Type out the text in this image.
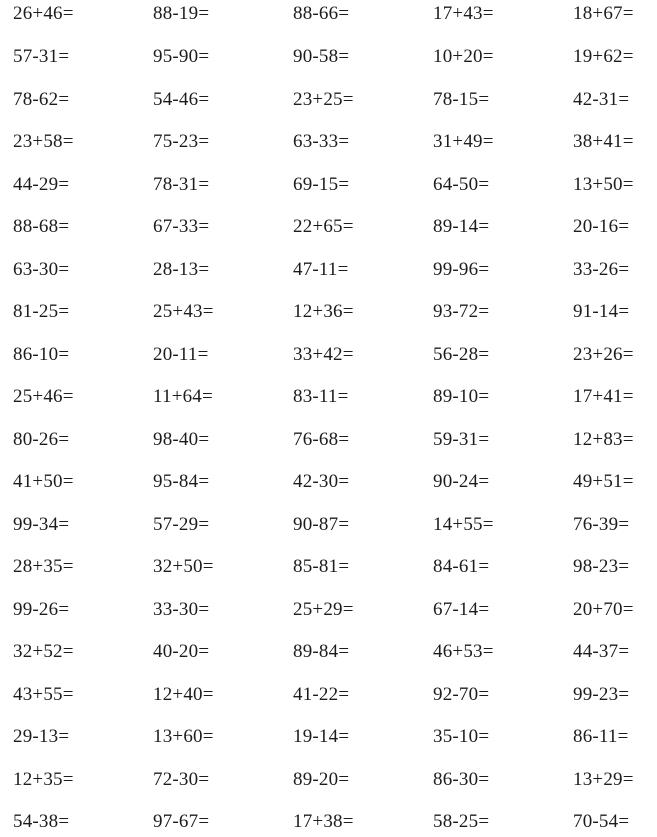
26+46=	88-19=	88-66=	17+43=	18+67=
57-31=	95-90=	90-58=	10+20=	19+62=
78-62=	54-46=	23+25=	78-15=	42-31=
23+58=	75-23=	63-33=	31+49=	38+41=
44-29=	78-31=	69-15=	64-50=	13+50=
88-68=	67-33=	22+65=	89-14=	20-16=
63-30=	28-13=	47-11=	99-96=	33-26=
81-25=	25+43=	12+36=	93-72=	91-14=
86-10=	20-11=	33+42=	56-28=	23+26=
25+46=	11+64=	83-11=	89-10=	17+41=
80-26=	98-40=	76-68=	59-31=	12+83=
41+50=	95-84=	42-30=	90-24=	49+51=
99-34=	57-29=	90-87=	14+55=	76-39=
28+35=	32+50=	85-81=	84-61=	98-23=
99-26=	33-30=	25+29=	67-14=	20+70=
32+52=	40-20=	89-84=	46+53=	44-37=
43+55=	12+40=	41-22=	92-70=	99-23=
29-13=	13+60=	19-14=	35-10=	86-11=
12+35=	72-30=	89-20=	86-30=	13+29=
54-38=	97-67=	17+38=	58-25=	70-54=
